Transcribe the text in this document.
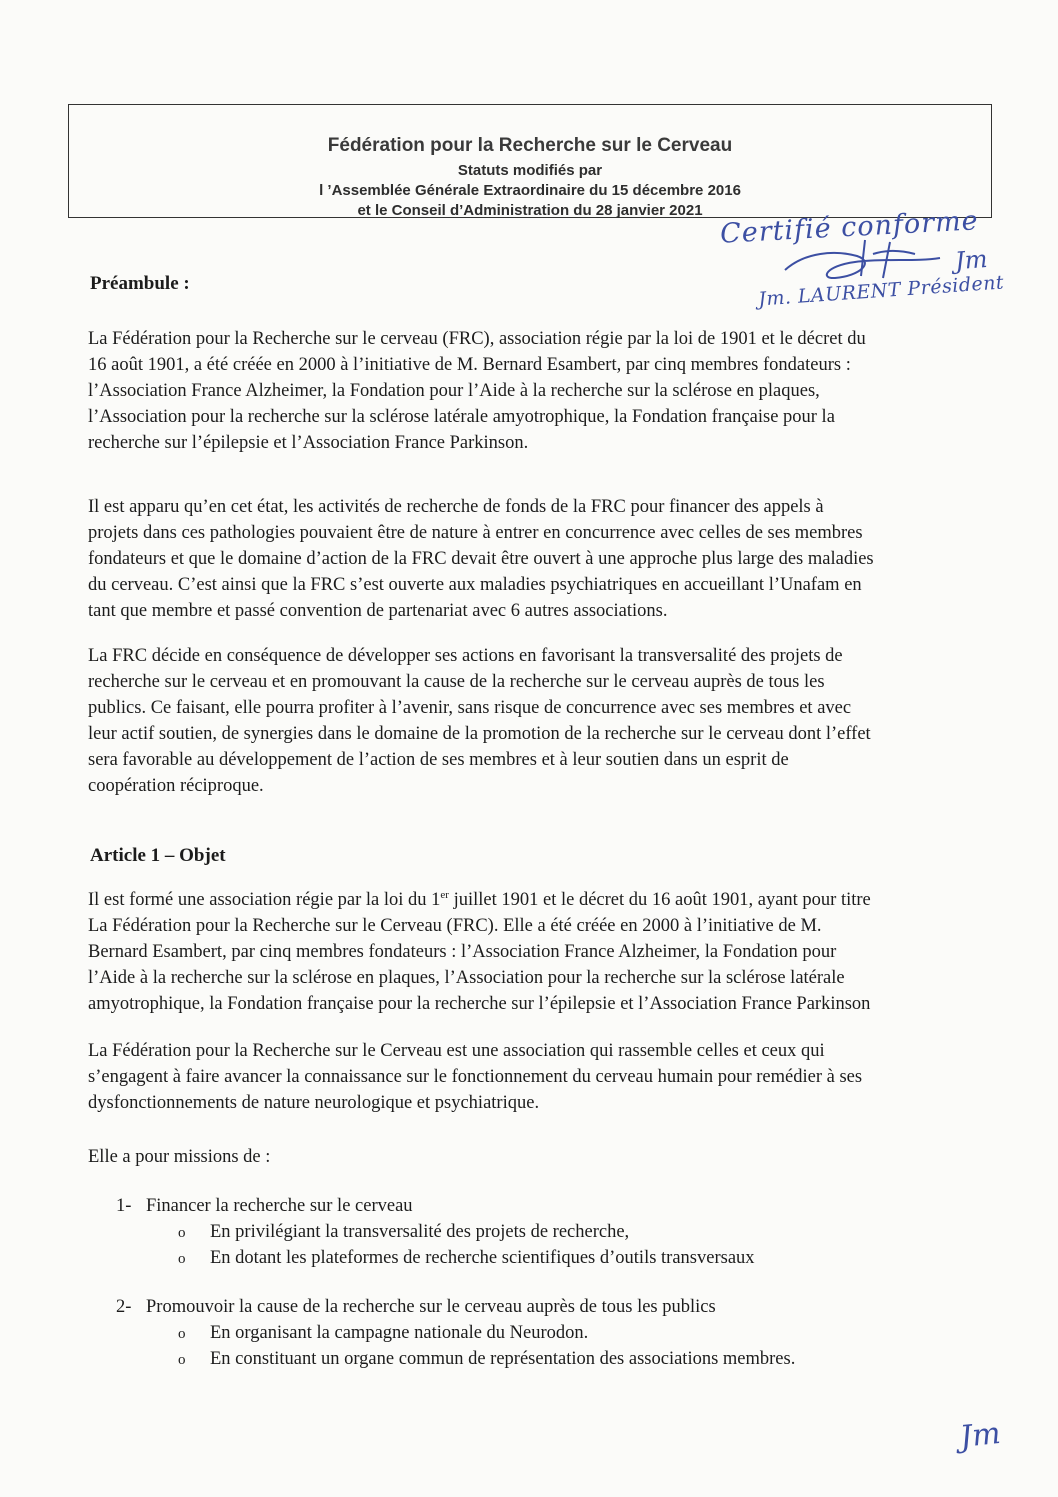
Fédération pour la Recherche sur le Cerveau
Statuts modifiés par
l ’Assemblée Générale Extraordinaire du 15 décembre 2016
et le Conseil d’Administration du 28 janvier 2021 Certifié conforme
Jm
Jm. LAURENT Président
Préambule :
La Fédération pour la Recherche sur le cerveau (FRC), association régie par la loi de 1901 et le décret du
16 août 1901, a été créée en 2000 à l’initiative de M. Bernard Esambert, par cinq membres fondateurs :
l’Association France Alzheimer, la Fondation pour l’Aide à la recherche sur la sclérose en plaques,
l’Association pour la recherche sur la sclérose latérale amyotrophique, la Fondation française pour la
recherche sur l’épilepsie et l’Association France Parkinson.
Il est apparu qu’en cet état, les activités de recherche de fonds de la FRC pour financer des appels à
projets dans ces pathologies pouvaient être de nature à entrer en concurrence avec celles de ses membres
fondateurs et que le domaine d’action de la FRC devait être ouvert à une approche plus large des maladies
du cerveau. C’est ainsi que la FRC s’est ouverte aux maladies psychiatriques en accueillant l’Unafam en
tant que membre et passé convention de partenariat avec 6 autres associations.
La FRC décide en conséquence de développer ses actions en favorisant la transversalité des projets de
recherche sur le cerveau et en promouvant la cause de la recherche sur le cerveau auprès de tous les
publics. Ce faisant, elle pourra profiter à l’avenir, sans risque de concurrence avec ses membres et avec
leur actif soutien, de synergies dans le domaine de la promotion de la recherche sur le cerveau dont l’effet
sera favorable au développement de l’action de ses membres et à leur soutien dans un esprit de
coopération réciproque.
Article 1 – Objet
Il est formé une association régie par la loi du 1er juillet 1901 et le décret du 16 août 1901, ayant pour titre
La Fédération pour la Recherche sur le Cerveau (FRC). Elle a été créée en 2000 à l’initiative de M.
Bernard Esambert, par cinq membres fondateurs : l’Association France Alzheimer, la Fondation pour
l’Aide à la recherche sur la sclérose en plaques, l’Association pour la recherche sur la sclérose latérale
amyotrophique, la Fondation française pour la recherche sur l’épilepsie et l’Association France Parkinson
La Fédération pour la Recherche sur le Cerveau est une association qui rassemble celles et ceux qui
s’engagent à faire avancer la connaissance sur le fonctionnement du cerveau humain pour remédier à ses
dysfonctionnements de nature neurologique et psychiatrique.
Elle a pour missions de :
1- Financer la recherche sur le cerveau
o En privilégiant la transversalité des projets de recherche,
o En dotant les plateformes de recherche scientifiques d’outils transversaux
2- Promouvoir la cause de la recherche sur le cerveau auprès de tous les publics
o En organisant la campagne nationale du Neurodon.
o En constituant un organe commun de représentation des associations membres.
Jm
